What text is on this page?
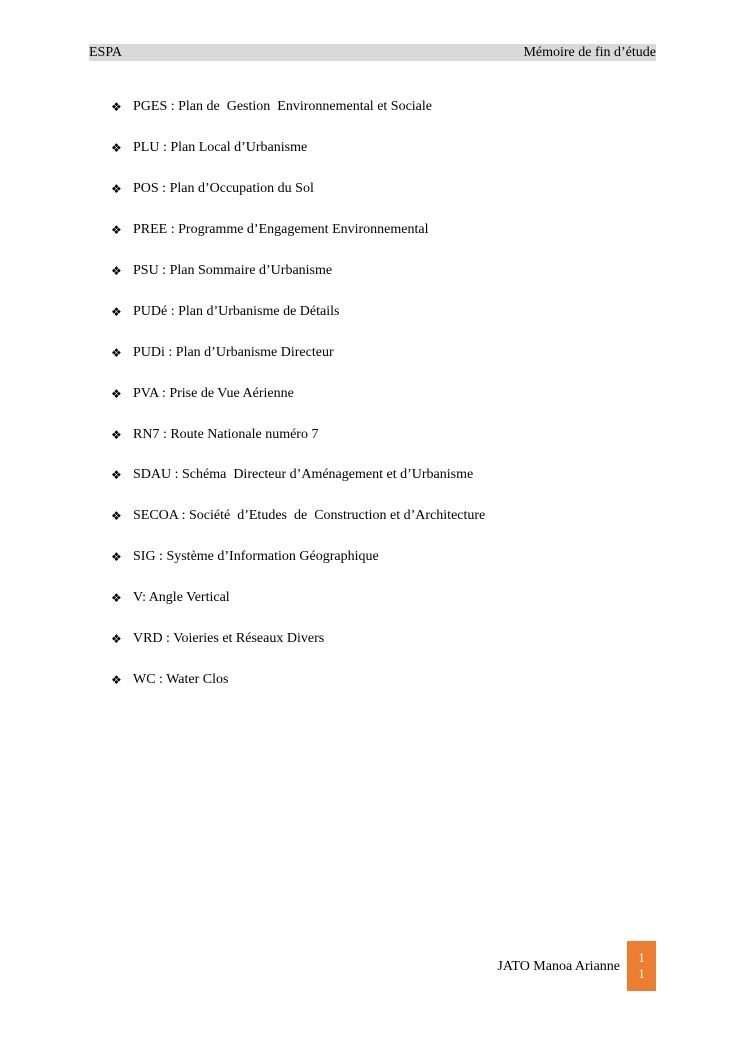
ESPA	Mémoire de fin d’étude
❖ PGES : Plan de  Gestion  Environnemental et Sociale
❖ PLU : Plan Local d’Urbanisme
❖ POS : Plan d’Occupation du Sol
❖ PREE : Programme d’Engagement Environnemental
❖ PSU : Plan Sommaire d’Urbanisme
❖ PUDé : Plan d’Urbanisme de Détails
❖ PUDi : Plan d’Urbanisme Directeur
❖ PVA : Prise de Vue Aérienne
❖ RN7 : Route Nationale numéro 7
❖ SDAU : Schéma  Directeur d’Aménagement et d’Urbanisme
❖ SECOA : Société  d’Etudes  de  Construction et d’Architecture
❖ SIG : Système d’Information Géographique
❖ V: Angle Vertical
❖ VRD : Voieries et Réseaux Divers
❖ WC : Water Clos
JATO Manoa Arianne
1
1
